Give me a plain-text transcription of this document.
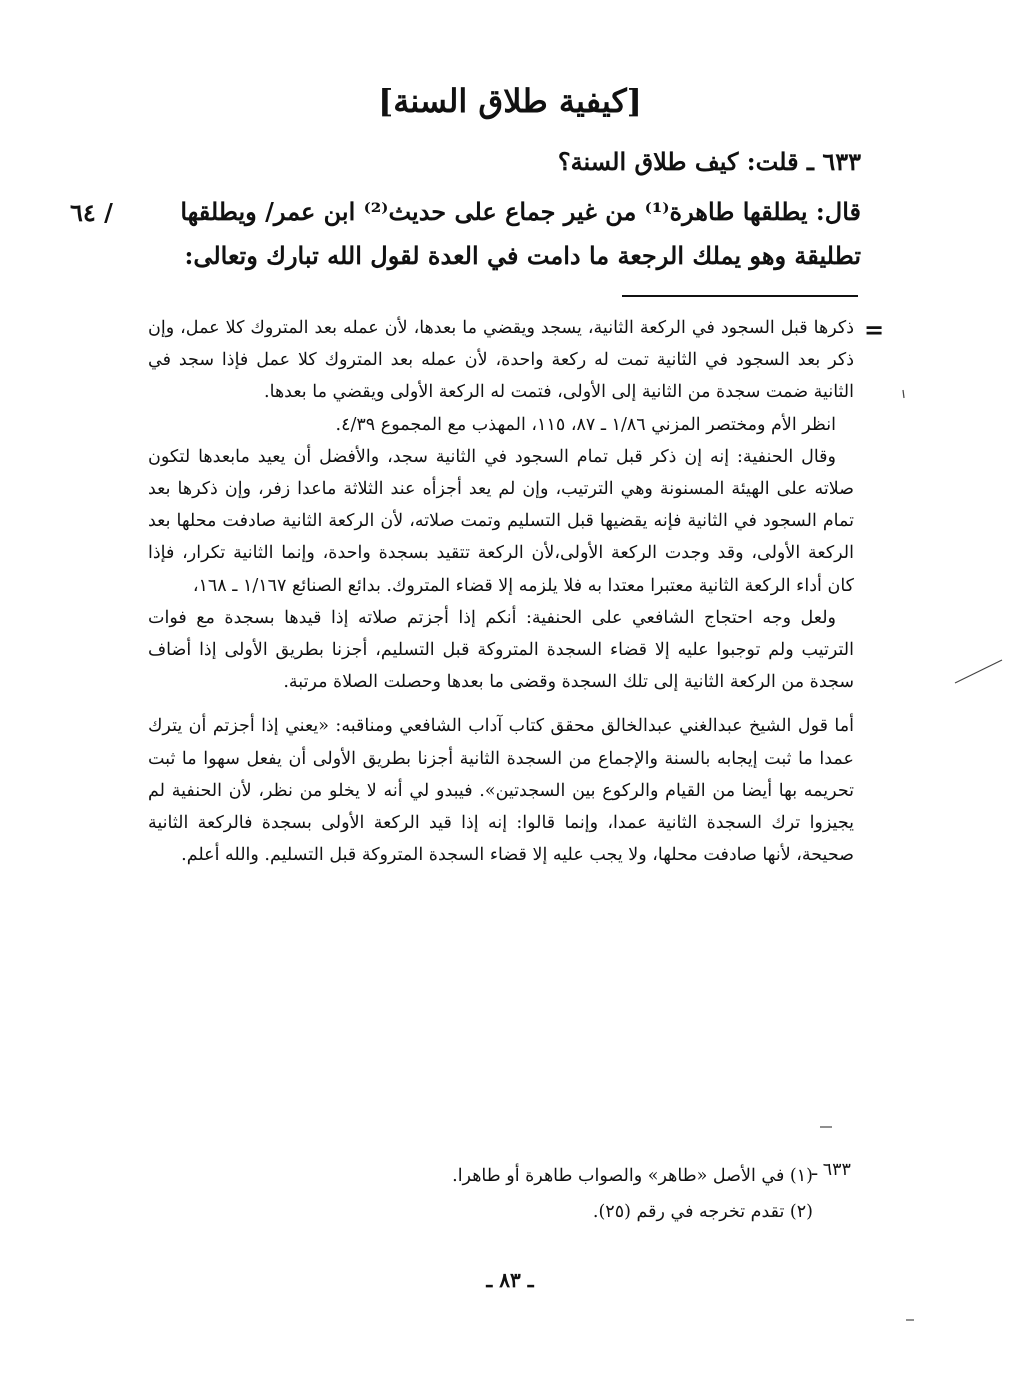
[كيفية طلاق السنة]
٦٣٣ ـ قلت: كيف طلاق السنة؟
قال: يطلقها طاهرة⁽¹⁾ من غير جماع على حديث⁽²⁾ ابن عمر/ ويطلقها
تطليقة وهو يملك الرجعة ما دامت في العدة لقول الله تبارك وتعالى:
٦٤ /
=

ذكرها قبل السجود في الركعة الثانية، يسجد ويقضي ما بعدها، لأن عمله بعد المتروك كلا عمل، وإن ذكر بعد السجود في الثانية تمت له ركعة واحدة، لأن عمله بعد المتروك كلا عمل فإذا سجد في الثانية ضمت سجدة من الثانية إلى الأولى، فتمت له الركعة الأولى ويقضي ما بعدها.

انظر الأم ومختصر المزني ١/٨٦ ـ ٨٧، ١١٥، المهذب مع المجموع ٤/٣٩.

وقال الحنفية: إنه إن ذكر قبل تمام السجود في الثانية سجد، والأفضل أن يعيد مابعدها لتكون صلاته على الهيئة المسنونة وهي الترتيب، وإن لم يعد أجزأه عند الثلاثة ماعدا زفر، وإن ذكرها بعد تمام السجود في الثانية فإنه يقضيها قبل التسليم وتمت صلاته، لأن الركعة الثانية صادفت محلها بعد الركعة الأولى، وقد وجدت الركعة الأولى،لأن الركعة تتقيد بسجدة واحدة، وإنما الثانية تكرار، فإذا كان أداء الركعة الثانية معتبرا معتدا به فلا يلزمه إلا قضاء المتروك. بدائع الصنائع ١/١٦٧ ـ ١٦٨،

ولعل وجه احتجاج الشافعي على الحنفية: أنكم إذا أجزتم صلاته إذا قيدها بسجدة مع فوات الترتيب ولم توجبوا عليه إلا قضاء السجدة المتروكة قبل التسليم، أجزنا بطريق الأولى إذا أضاف سجدة من الركعة الثانية إلى تلك السجدة وقضى ما بعدها وحصلت الصلاة مرتبة.

أما قول الشيخ عبدالغني عبدالخالق محقق كتاب آداب الشافعي ومناقبه: «يعني إذا أجزتم أن يترك عمدا ما ثبت إيجابه بالسنة والإجماع من السجدة الثانية أجزنا بطريق الأولى أن يفعل سهوا ما ثبت تحريمه بها أيضا من القيام والركوع بين السجدتين». فيبدو لي أنه لا يخلو من نظر، لأن الحنفية لم يجيزوا ترك السجدة الثانية عمدا، وإنما قالوا: إنه إذا قيد الركعة الأولى بسجدة فالركعة الثانية صحيحة، لأنها صادفت محلها، ولا يجب عليه إلا قضاء السجدة المتروكة قبل التسليم. والله أعلم.

٦٣٣ ـ
(١) في الأصل «طاهر» والصواب طاهرة أو طاهرا.
(٢) تقدم تخرجه في رقم (٢٥).
ـ ٨٣ ـ
